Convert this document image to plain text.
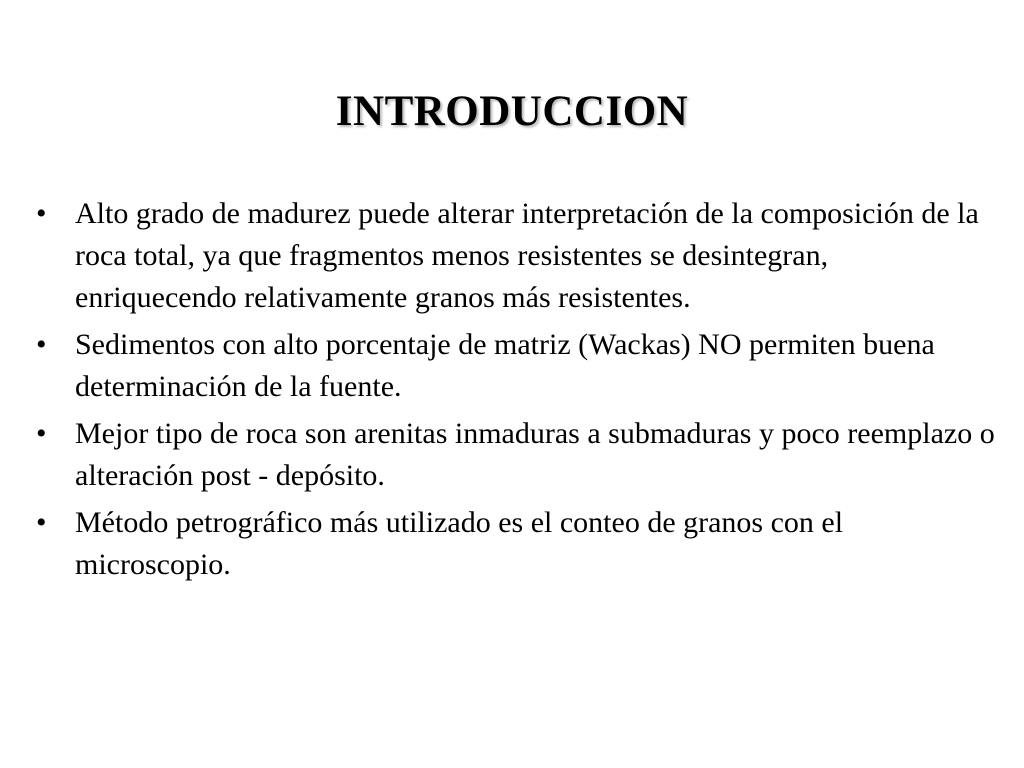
INTRODUCCION
• Alto grado de madurez puede alterar interpretación de la composición de la roca total, ya que fragmentos menos resistentes se desintegran, enriquecendo relativamente granos más resistentes.
• Sedimentos con alto porcentaje de matriz (Wackas) NO permiten buena determinación de la fuente.
• Mejor tipo de roca son arenitas inmaduras a submaduras y poco reemplazo o alteración post - depósito.
• Método petrográfico más utilizado es el conteo de granos con el microscopio.
